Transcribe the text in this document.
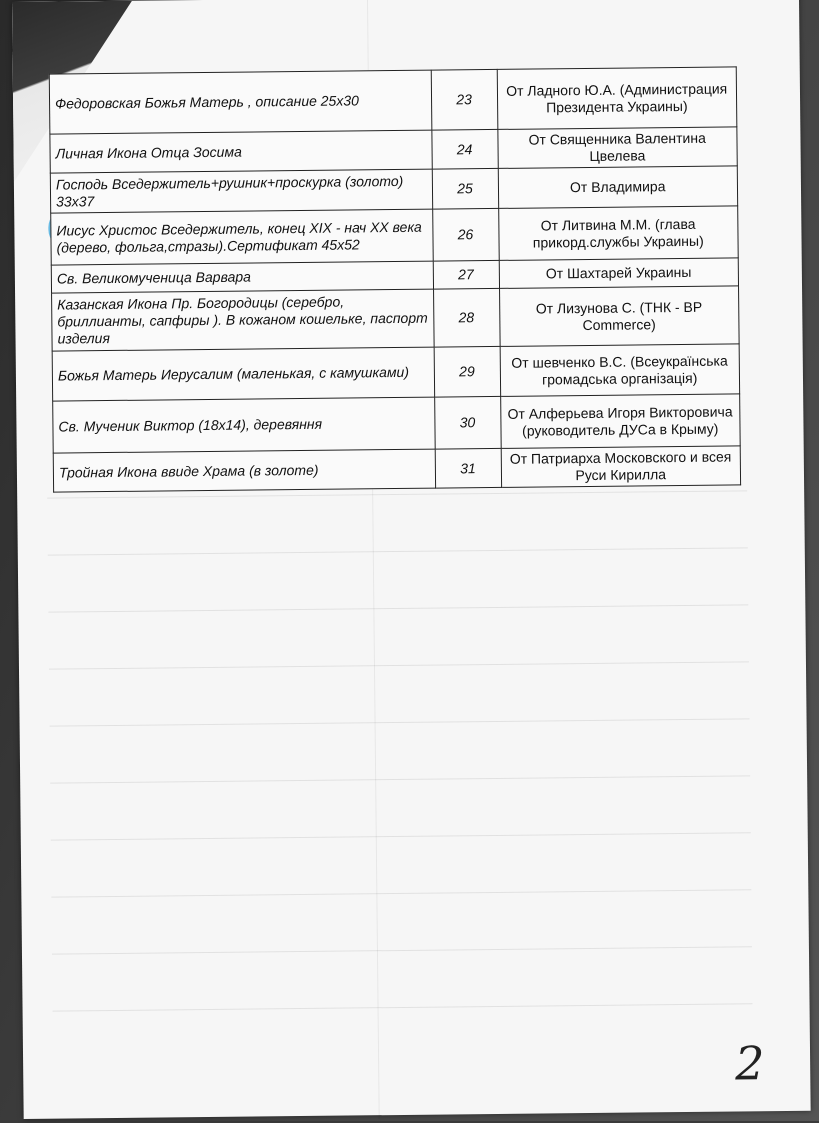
Федоровская Божья Матерь , описание 25х30	23	От Ладного Ю.А. (Администрация Президента Украины)
Личная Икона Отца Зосима	24	От Священника Валентина Цвелева
Господь Вседержитель+рушник+проскурка (золото) 33х37	25	От Владимира
Иисус Христос Вседержитель, конец XIX - нач XX века (дерево, фольга,стразы).Сертификат 45х52	26	От Литвина М.М. (глава прикорд.службы Украины)
Св. Великомученица Варвара	27	От Шахтарей Украины
Казанская Икона Пр. Богородицы (серебро, бриллианты, сапфиры ). В кожаном кошельке, паспорт изделия	28	От Лизунова С. (ТНК - ВР Commerce)
Божья Матерь Иерусалим (маленькая, с камушками)	29	От шевченко В.С. (Всеукраїнська громадська організація)
Св. Мученик Виктор (18х14), деревяння	30	От Алферьева Игоря Викторовича (руководитель ДУСа в Крыму)
Тройная Икона ввиде Храма (в золоте)	31	От Патриарха Московского и всея Руси Кирилла
2
